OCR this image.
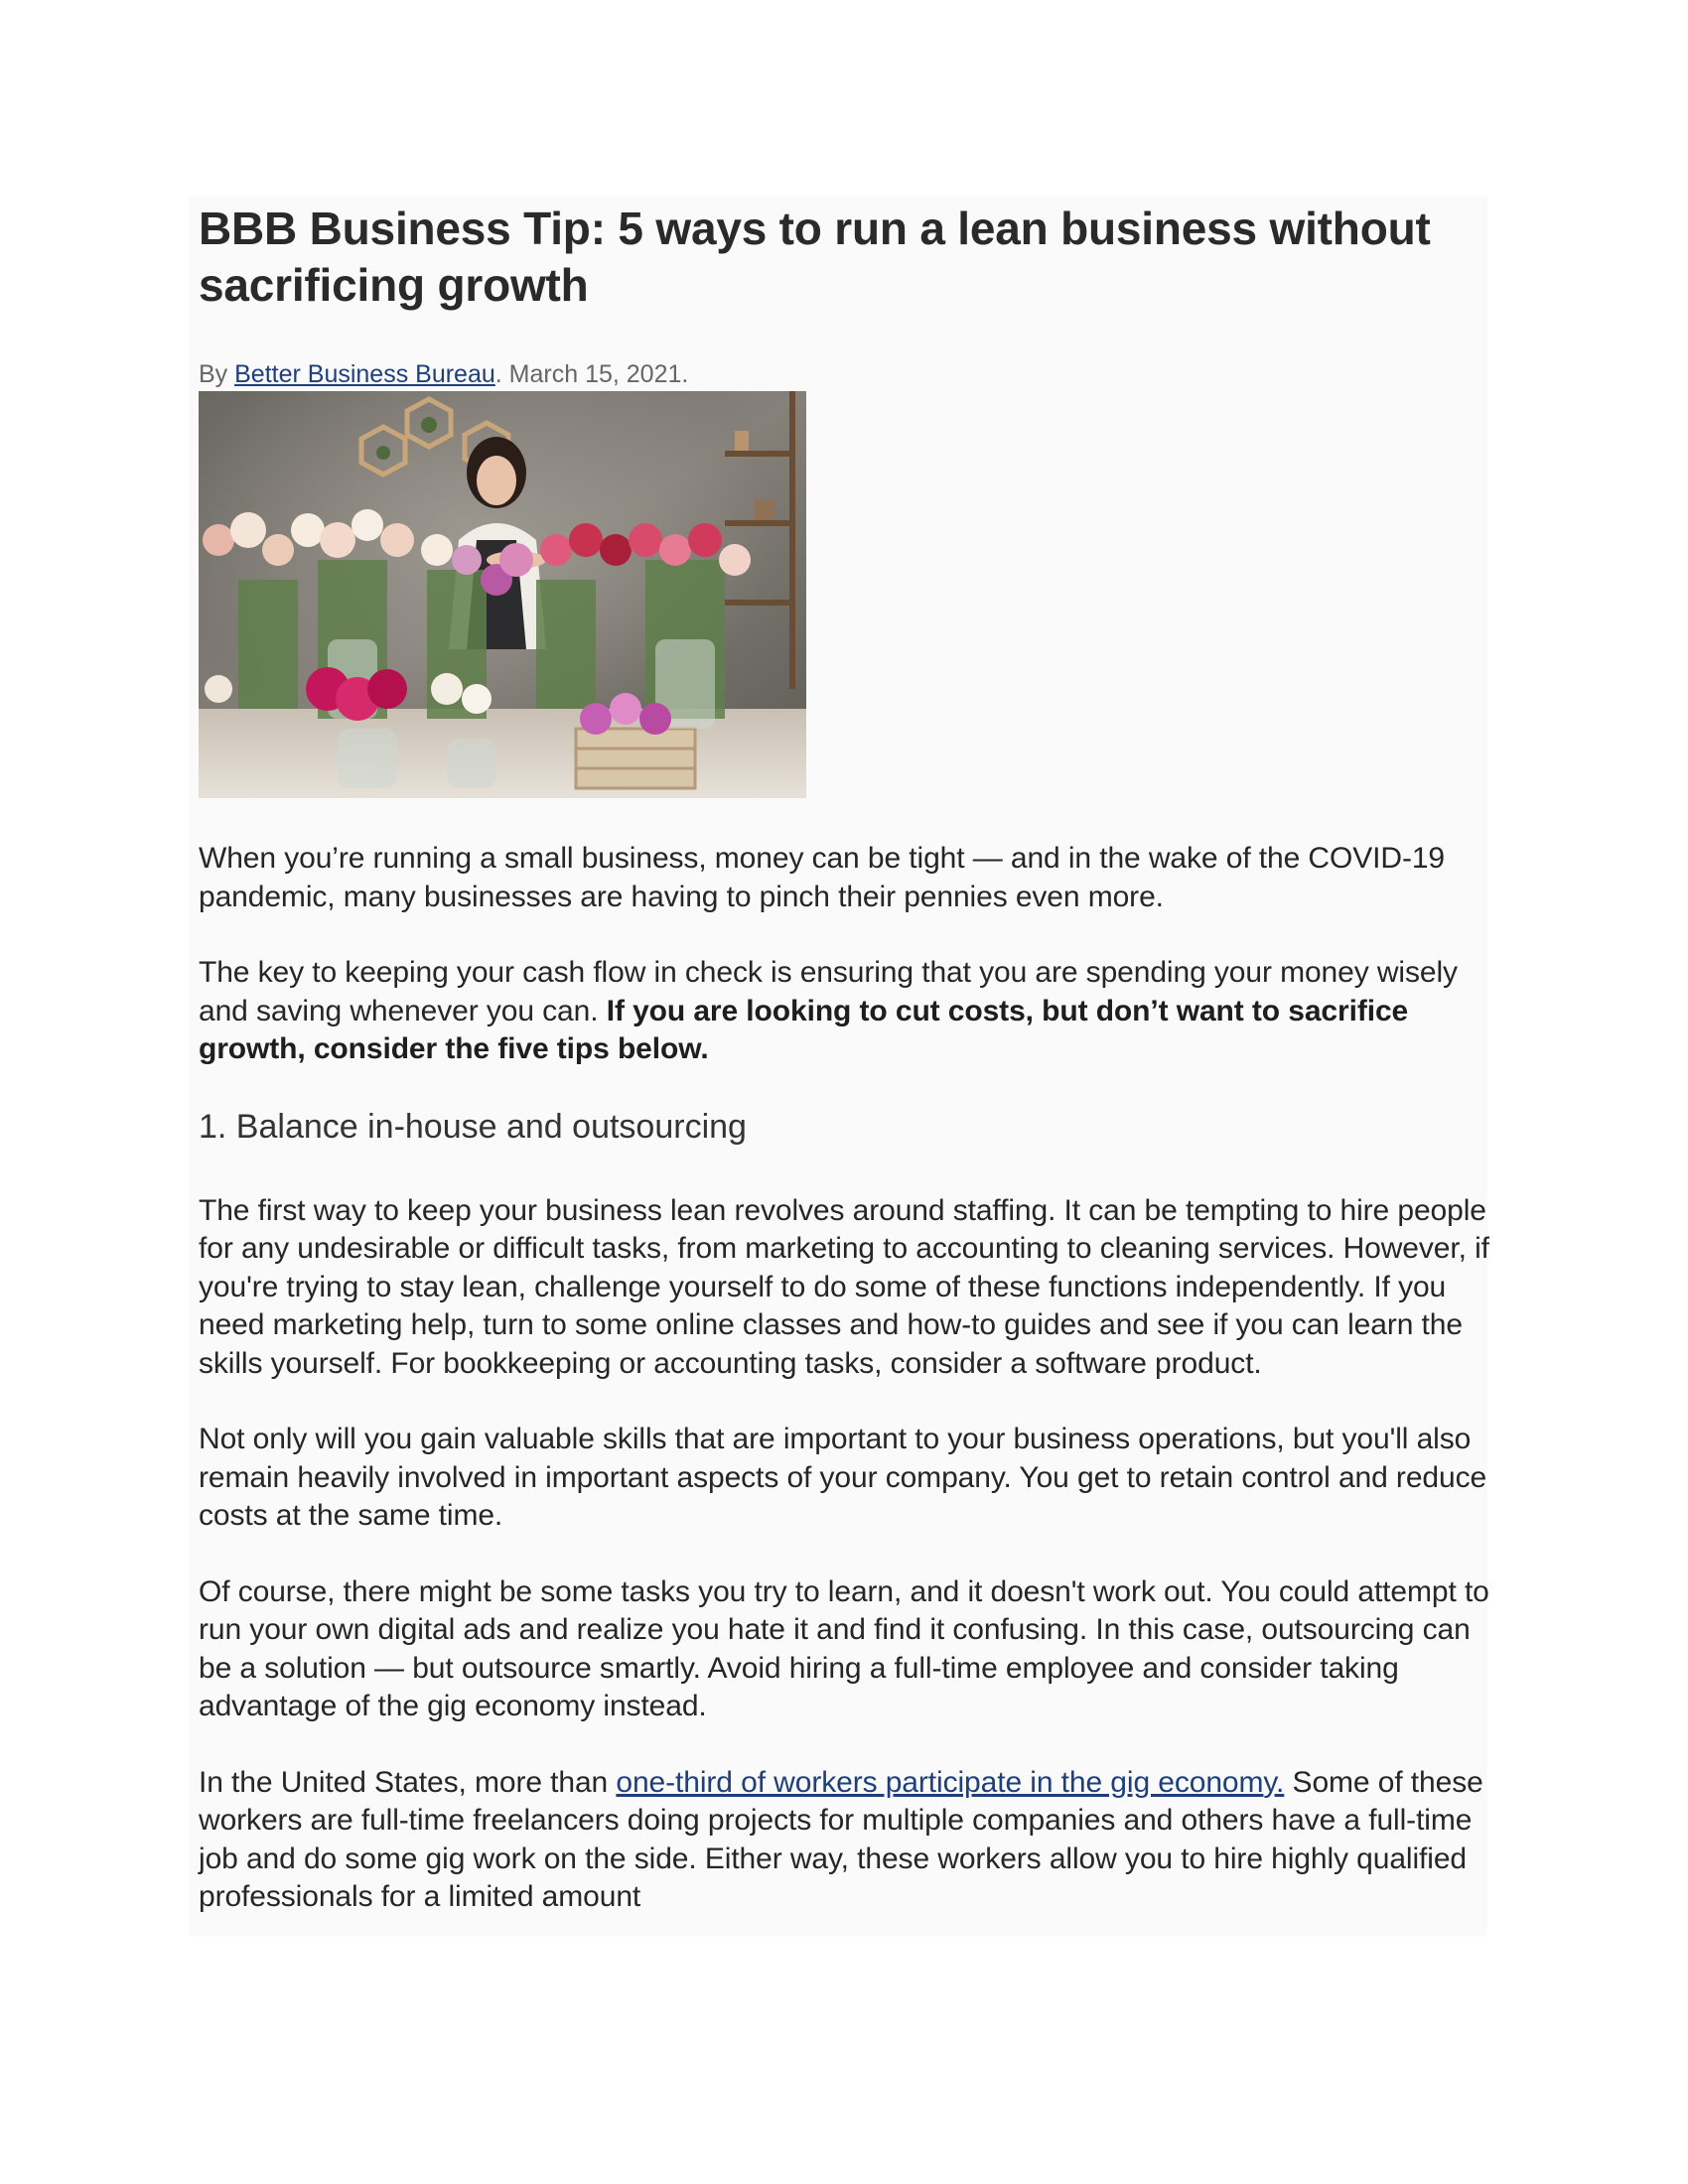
BBB Business Tip: 5 ways to run a lean business without sacrificing growth
By Better Business Bureau. March 15, 2021.

When you’re running a small business, money can be tight — and in the wake of the COVID-19 pandemic, many businesses are having to pinch their pennies even more.

The key to keeping your cash flow in check is ensuring that you are spending your money wisely and saving whenever you can. If you are looking to cut costs, but don’t want to sacrifice growth, consider the five tips below.

1. Balance in-house and outsourcing

The first way to keep your business lean revolves around staffing. It can be tempting to hire people for any undesirable or difficult tasks, from marketing to accounting to cleaning services. However, if you're trying to stay lean, challenge yourself to do some of these functions independently. If you need marketing help, turn to some online classes and how-to guides and see if you can learn the skills yourself. For bookkeeping or accounting tasks, consider a software product.

Not only will you gain valuable skills that are important to your business operations, but you'll also remain heavily involved in important aspects of your company. You get to retain control and reduce costs at the same time.

Of course, there might be some tasks you try to learn, and it doesn't work out. You could attempt to run your own digital ads and realize you hate it and find it confusing. In this case, outsourcing can be a solution — but outsource smartly. Avoid hiring a full-time employee and consider taking advantage of the gig economy instead.

In the United States, more than one-third of workers participate in the gig economy. Some of these workers are full-time freelancers doing projects for multiple companies and others have a full-time job and do some gig work on the side. Either way, these workers allow you to hire highly qualified professionals for a limited amount
